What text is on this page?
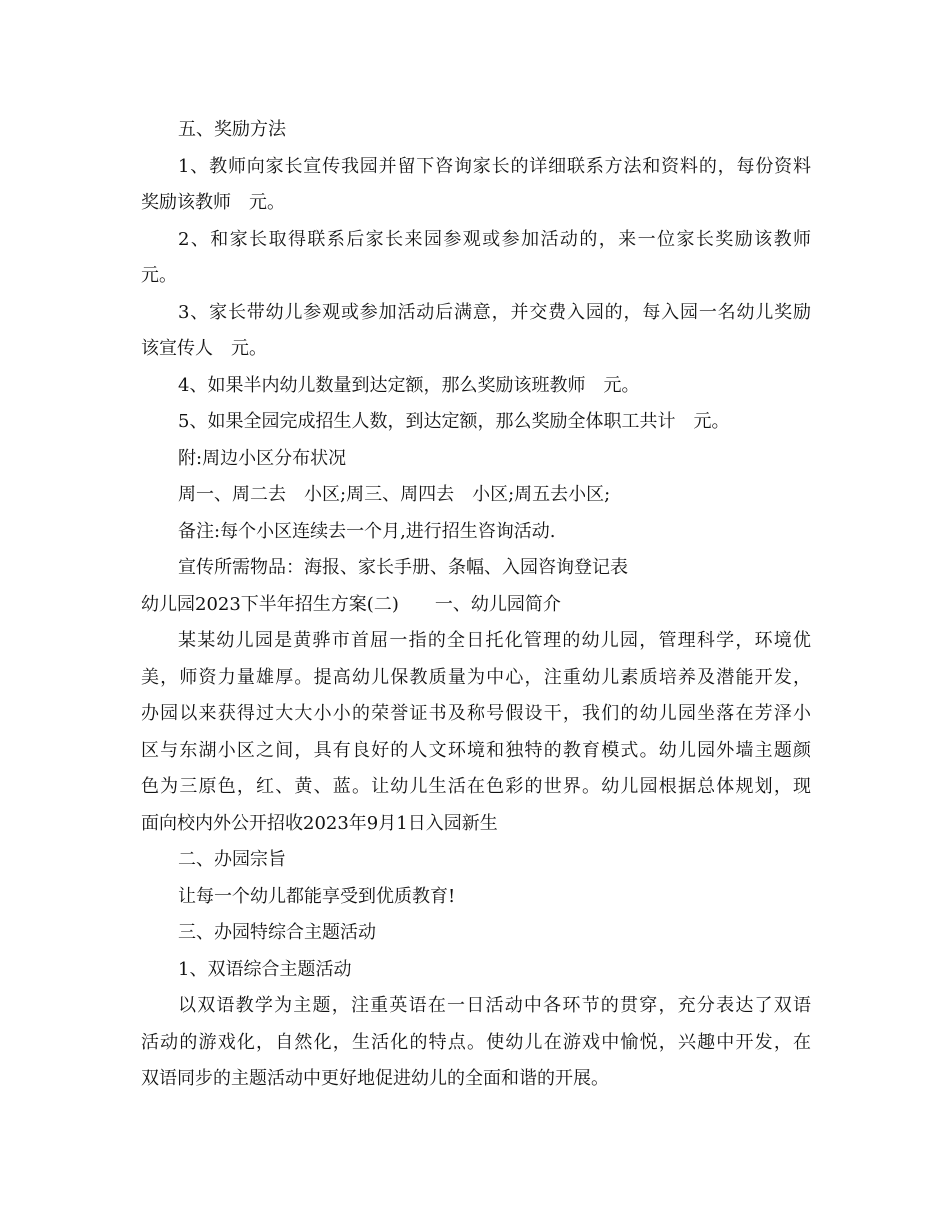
五、奖励方法
1、教师向家长宣传我园并留下咨询家长的详细联系方法和资料的，每份资料
奖励该教师　元。
2、和家长取得联系后家长来园参观或参加活动的，来一位家长奖励该教师
元。
3、家长带幼儿参观或参加活动后满意，并交费入园的，每入园一名幼儿奖励
该宣传人　元。
4、如果半内幼儿数量到达定额，那么奖励该班教师　元。
5、如果全园完成招生人数，到达定额，那么奖励全体职工共计　元。
附:周边小区分布状况
周一、周二去　小区;周三、周四去　小区;周五去小区;
备注:每个小区连续去一个月,进行招生咨询活动.
宣传所需物品：海报、家长手册、条幅、入园咨询登记表
幼儿园2023下半年招生方案(二)　　一、幼儿园简介
某某幼儿园是黄骅市首屈一指的全日托化管理的幼儿园，管理科学，环境优
美，师资力量雄厚。提高幼儿保教质量为中心，注重幼儿素质培养及潜能开发，
办园以来获得过大大小小的荣誉证书及称号假设干，我们的幼儿园坐落在芳泽小
区与东湖小区之间，具有良好的人文环境和独特的教育模式。幼儿园外墙主题颜
色为三原色，红、黄、蓝。让幼儿生活在色彩的世界。幼儿园根据总体规划，现
面向校内外公开招收2023年9月1日入园新生
二、办园宗旨
让每一个幼儿都能享受到优质教育!
三、办园特综合主题活动
1、双语综合主题活动
以双语教学为主题，注重英语在一日活动中各环节的贯穿，充分表达了双语
活动的游戏化，自然化，生活化的特点。使幼儿在游戏中愉悦，兴趣中开发，在
双语同步的主题活动中更好地促进幼儿的全面和谐的开展。
